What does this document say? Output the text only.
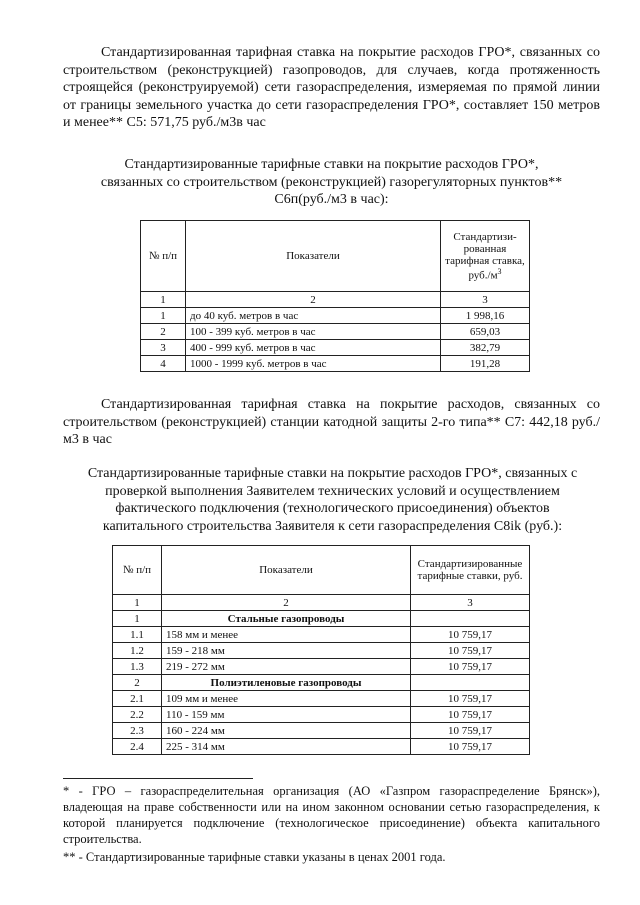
Стандартизированная тарифная ставка на покрытие расходов ГРО*, связанных со строительством (реконструкцией) газопроводов, для случаев, когда протяженность строящейся (реконструируемой) сети газораспределения, измеряемая по прямой линии от границы земельного участка до сети газораспределения ГРО*, составляет 150 метров и менее** С5: 571,75 руб./м3в час

Стандартизированные тарифные ставки на покрытие расходов ГРО*,
связанных со строительством (реконструкцией) газорегуляторных пунктов**
С6п(руб./м3 в час):
№ п/п	Показатели	Стандартизи-рованная тарифная ставка, $руб./м^3$
1	2	3
1	до 40 куб. метров в час	1 998,16
2	100 - 399 куб. метров в час	659,03
3	400 - 999 куб. метров в час	382,79
4	1000 - 1999 куб. метров в час	191,28

Стандартизированная тарифная ставка на покрытие расходов, связанных со строительством (реконструкцией) станции катодной защиты 2-го типа** С7: 442,18 руб./м3 в час

Стандартизированные тарифные ставки на покрытие расходов ГРО*, связанных с
проверкой выполнения Заявителем технических условий и осуществлением
фактического подключения (технологического присоединения) объектов
капитального строительства Заявителя к сети газораспределения C8ik (руб.):
№ п/п	Показатели	Стандартизированные тарифные ставки, руб.
1	2	3
1	Стальные газопроводы	
1.1	158 мм и менее	10 759,17
1.2	159 - 218 мм	10 759,17
1.3	219 - 272 мм	10 759,17
2	Полиэтиленовые газопроводы	
2.1	109 мм и менее	10 759,17
2.2	110 - 159 мм	10 759,17
2.3	160 - 224 мм	10 759,17
2.4	225 - 314 мм	10 759,17

* - ГРО – газораспределительная организация (АО «Газпром газораспределение Брянск»), владеющая на праве собственности или на ином законном основании сетью газораспределения, к которой планируется подключение (технологическое присоединение) объекта капитального строительства.

** - Стандартизированные тарифные ставки указаны в ценах 2001 года.
